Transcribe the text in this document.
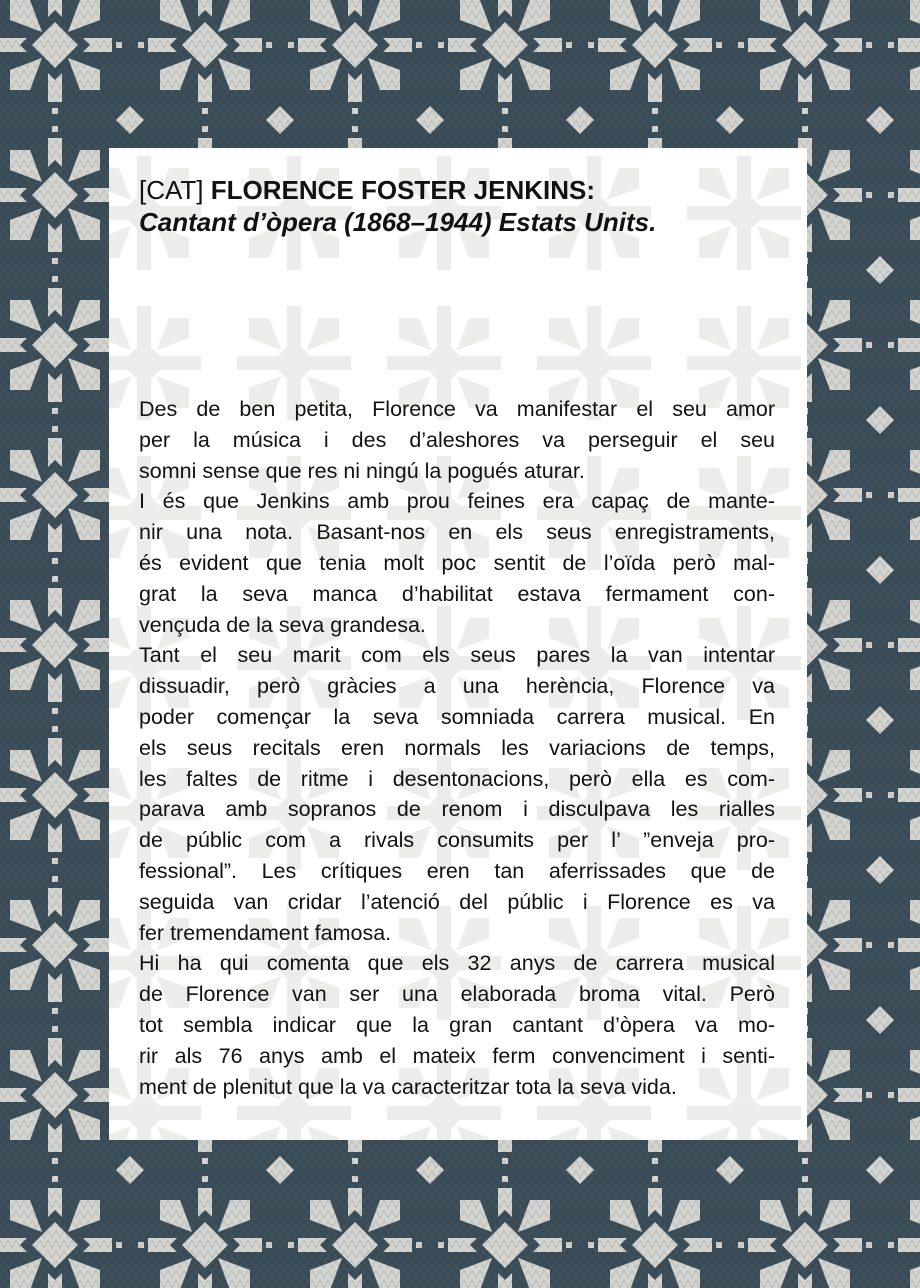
[CAT] FLORENCE FOSTER JENKINS:
Cantant d’òpera (1868–1944) Estats Units.
Des de ben petita, Florence va manifestar el seu amor
per la música i des d’aleshores va perseguir el seu
somni sense que res ni ningú la pogués aturar.
I és que Jenkins amb prou feines era capaç de mante-
nir una nota. Basant-nos en els seus enregistraments,
és evident que tenia molt poc sentit de l’oïda però mal-
grat la seva manca d’habilitat estava fermament con-
vençuda de la seva grandesa.
Tant el seu marit com els seus pares la van intentar
dissuadir, però gràcies a una herència, Florence va
poder començar la seva somniada carrera musical. En
els seus recitals eren normals les variacions de temps,
les faltes de ritme i desentonacions, però ella es com-
parava amb sopranos de renom i disculpava les rialles
de públic com a rivals consumits per l’ ”enveja pro-
fessional”. Les crítiques eren tan aferrissades que de
seguida van cridar l’atenció del públic i Florence es va
fer tremendament famosa.
Hi ha qui comenta que els 32 anys de carrera musical
de Florence van ser una elaborada broma vital. Però
tot sembla indicar que la gran cantant d’òpera va mo-
rir als 76 anys amb el mateix ferm convenciment i senti-
ment de plenitut que la va caracteritzar tota la seva vida.
